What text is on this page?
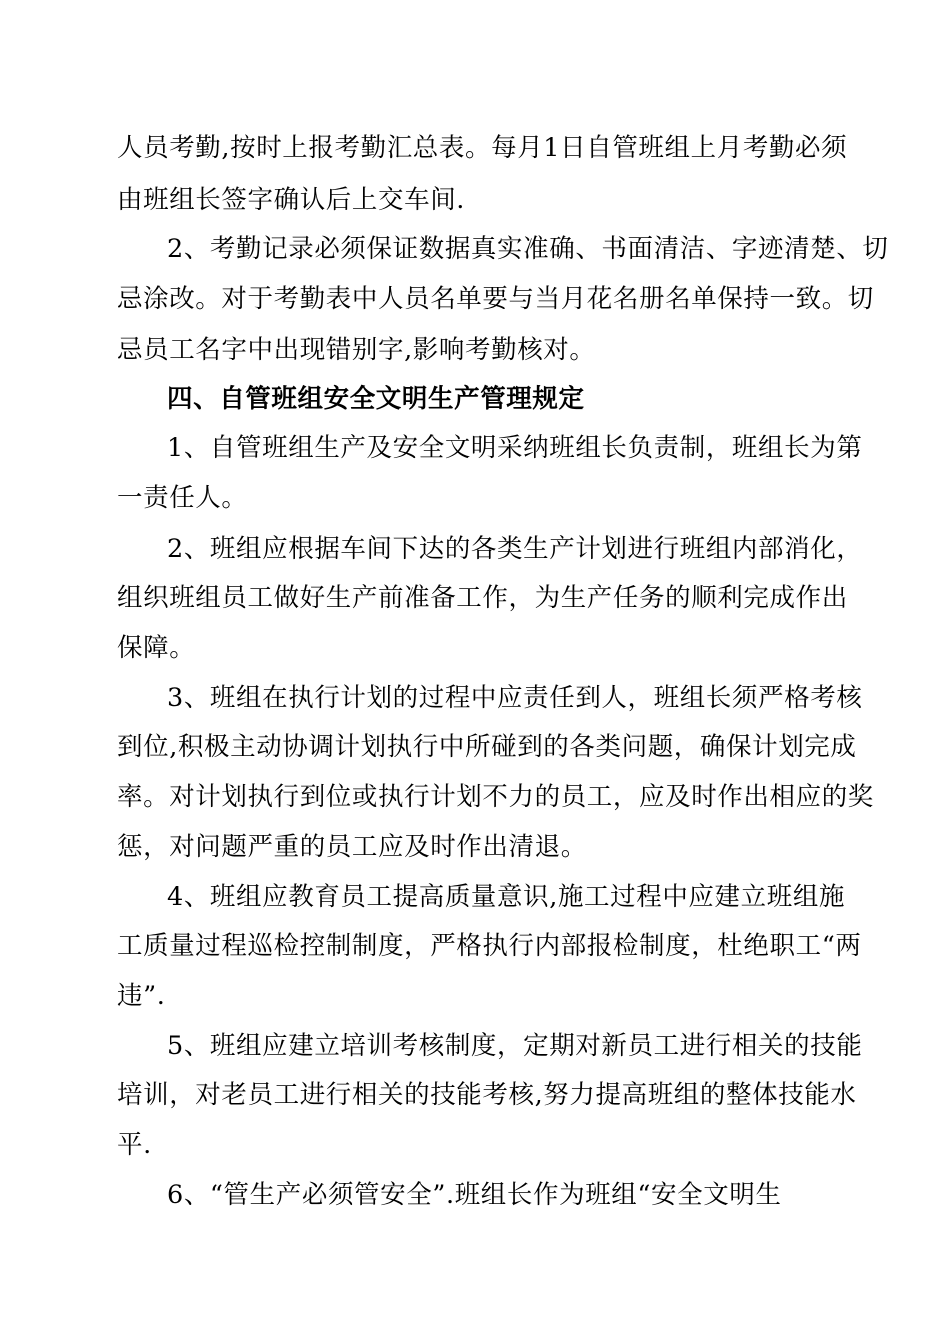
人员考勤,按时上报考勤汇总表。每月1日自管班组上月考勤必须
由班组长签字确认后上交车间.
2、考勤记录必须保证数据真实准确、书面清洁、字迹清楚、切
忌涂改。对于考勤表中人员名单要与当月花名册名单保持一致。切
忌员工名字中出现错别字,影响考勤核对。
四、自管班组安全文明生产管理规定
1、自管班组生产及安全文明采纳班组长负责制，班组长为第
一责任人。
2、班组应根据车间下达的各类生产计划进行班组内部消化，
组织班组员工做好生产前准备工作，为生产任务的顺利完成作出
保障。
3、班组在执行计划的过程中应责任到人，班组长须严格考核
到位,积极主动协调计划执行中所碰到的各类问题，确保计划完成
率。对计划执行到位或执行计划不力的员工，应及时作出相应的奖
惩，对问题严重的员工应及时作出清退。
4、班组应教育员工提高质量意识,施工过程中应建立班组施
工质量过程巡检控制制度，严格执行内部报检制度，杜绝职工“两
违”.
5、班组应建立培训考核制度，定期对新员工进行相关的技能
培训，对老员工进行相关的技能考核,努力提高班组的整体技能水
平.
6、“管生产必须管安全”.班组长作为班组“安全文明生
